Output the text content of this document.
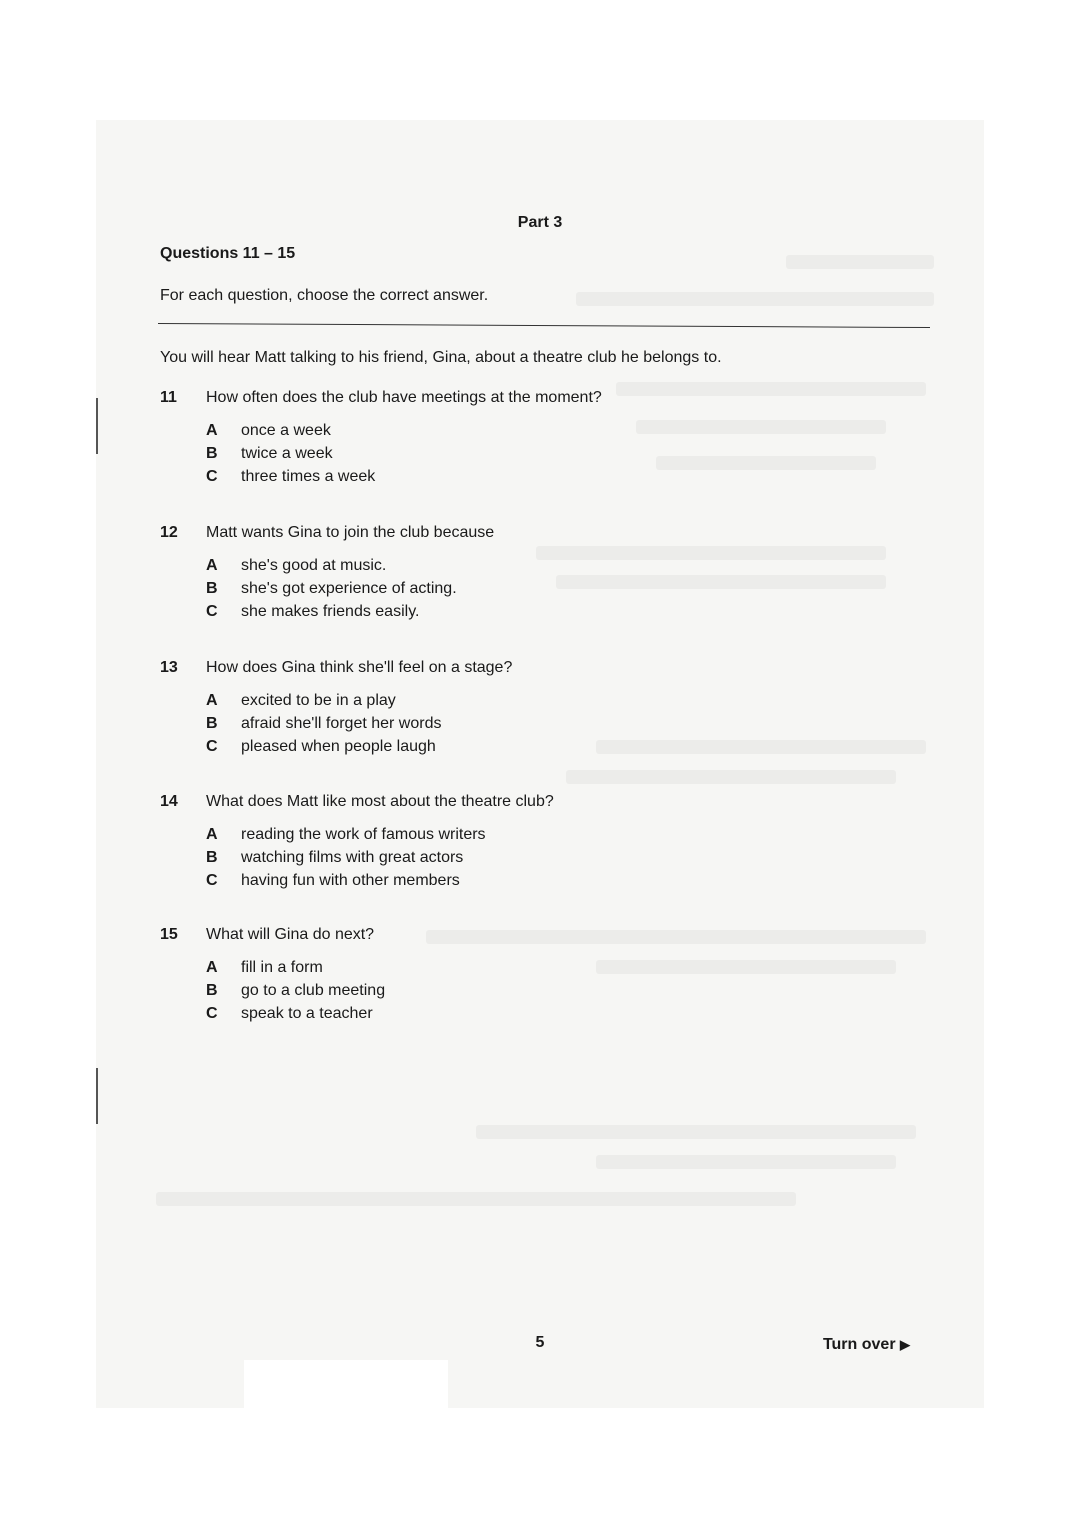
Part 3
Questions 11 – 15
For each question, choose the correct answer.
You will hear Matt talking to his friend, Gina, about a theatre club he belongs to.
11	How often does the club have meetings at the moment?
A	once a week
B	twice a week
C	three times a week
12	Matt wants Gina to join the club because
A	she's good at music.
B	she's got experience of acting.
C	she makes friends easily.
13	How does Gina think she'll feel on a stage?
A	excited to be in a play
B	afraid she'll forget her words
C	pleased when people laugh
14	What does Matt like most about the theatre club?
A	reading the work of famous writers
B	watching films with great actors
C	having fun with other members
15	What will Gina do next?
A	fill in a form
B	go to a club meeting
C	speak to a teacher
5	Turn over ▶
